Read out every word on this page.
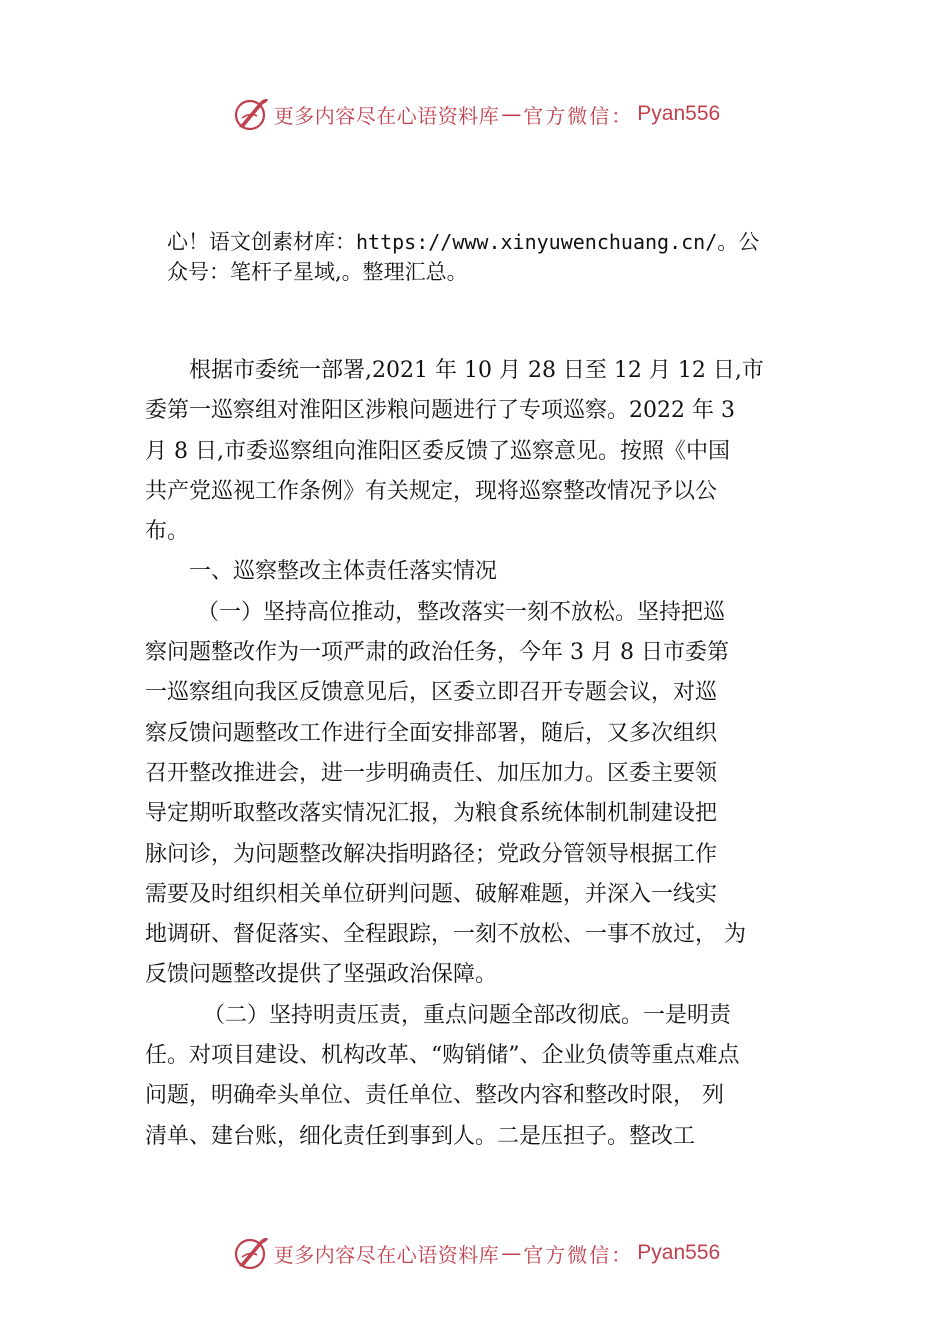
更多内容尽在心语资料库 — 官方微信： Pyan556
心！语文创素材库：https://www.xinyuwenchuang.cn/。公
众号：笔杆子星域,。整理汇总。
根据市委统一部署,2021 年 10 月 28 日至 12 月 12 日,市
委第一巡察组对淮阳区涉粮问题进行了专项巡察。2022 年 3
月 8 日,市委巡察组向淮阳区委反馈了巡察意见。按照《中国
共产党巡视工作条例》有关规定，现将巡察整改情况予以公
布。
一、巡察整改主体责任落实情况
（一）坚持高位推动，整改落实一刻不放松。坚持把巡
察问题整改作为一项严肃的政治任务，今年 3 月 8 日市委第
一巡察组向我区反馈意见后，区委立即召开专题会议，对巡
察反馈问题整改工作进行全面安排部署，随后，又多次组织
召开整改推进会，进一步明确责任、加压加力。区委主要领
导定期听取整改落实情况汇报，为粮食系统体制机制建设把
脉问诊，为问题整改解决指明路径；党政分管领导根据工作
需要及时组织相关单位研判问题、破解难题，并深入一线实
地调研、督促落实、全程跟踪，一刻不放松、一事不放过， 为
反馈问题整改提供了坚强政治保障。
（二）坚持明责压责，重点问题全部改彻底。一是明责
任。对项目建设、机构改革、“购销储”、企业负债等重点难点
问题，明确牵头单位、责任单位、整改内容和整改时限， 列
清单、建台账，细化责任到事到人。二是压担子。整改工
更多内容尽在心语资料库 — 官方微信： Pyan556
